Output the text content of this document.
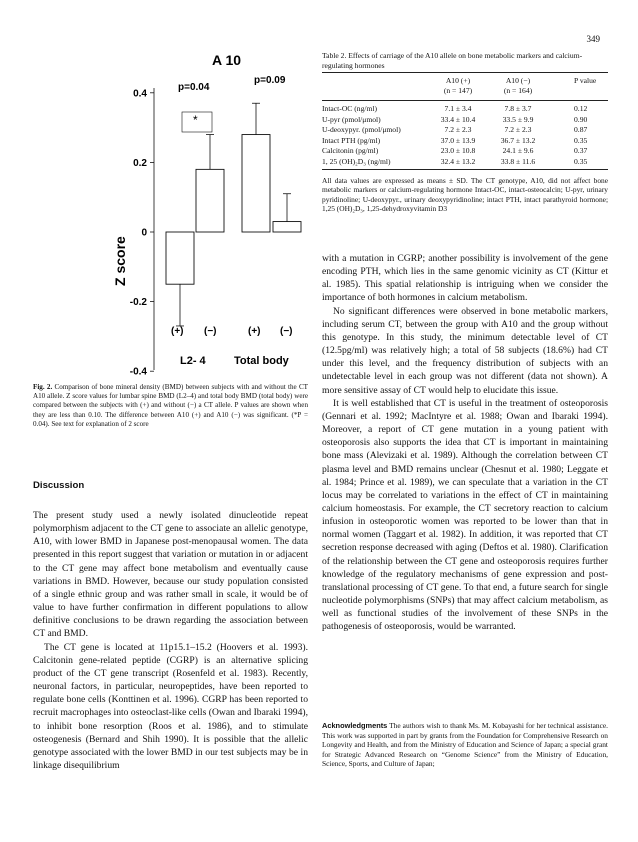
349
A 10
Z score
0.4
0.2
0
-0.2
-0.4
p=0.04
p=0.09
*
(+) (−)	(+) (−)
L2- 4	Total body
Fig. 2. Comparison of bone mineral density (BMD) between subjects with and without the CT A10 allele. Z score values for lumbar spine BMD (L2–4) and total body BMD (total body) were compared between the subjects with (+) and without (−) a CT allele. P values are shown when they are less than 0.10. The difference between A10 (+) and A10 (−) was significant. (*P = 0.04). See text for explanation of 2 score
Table 2. Effects of carriage of the A10 allele on bone metabolic markers and calcium-regulating hormones
A10 (+)
(n = 147)
A10 (−)
(n = 164)
P value
Intact-OC (ng/ml)	7.1 ± 3.4	7.8 ± 3.7	0.12
U-pyr (pmol/μmol)	33.4 ± 10.4	33.5 ± 9.9	0.90
U-deoxypyr. (pmol/μmol)	7.2 ± 2.3	7.2 ± 2.3	0.87
Intact PTH (pg/ml)	37.0 ± 13.9	36.7 ± 13.2	0.35
Calcitonin (pg/ml)	23.0 ± 10.8	24.1 ± 9.6	0.37
1, 25 (OH)₂D₃ (ng/ml)	32.4 ± 13.2	33.8 ± 11.6	0.35
All data values are expressed as means ± SD. The CT genotype, A10, did not affect bone metabolic markers or calcium-regulating hormone Intact-OC, intact-osteocalcin; U-pyr, urinary pyridinoline; U-deoxypyr., urinary deoxypyridinoline; intact PTH, intact parathyroid hormone; 1,25 (OH)₂D₃, 1,25-dehydroxyvitamin D3

with a mutation in CGRP; another possibility is involvement of the gene encoding PTH, which lies in the same genomic vicinity as CT (Kittur et al. 1985). This spatial relationship is intriguing when we consider the importance of both hormones in calcium metabolism.

No significant differences were observed in bone metabolic markers, including serum CT, between the group with A10 and the group without this genotype. In this study, the minimum detectable level of CT (12.5pg/ml) was relatively high; a total of 58 subjects (18.6%) had CT under this level, and the frequency distribution of subjects with an undetectable level in each group was not different (data not shown). A more sensitive assay of CT would help to elucidate this issue.

It is well established that CT is useful in the treatment of osteoporosis (Gennari et al. 1992; MacIntyre et al. 1988; Owan and Ibaraki 1994). Moreover, a report of CT gene mutation in a young patient with osteoporosis also supports the idea that CT is important in maintaining bone mass (Alevizaki et al. 1989). Although the correlation between CT plasma level and BMD remains unclear (Chesnut et al. 1980; Leggate et al. 1984; Prince et al. 1989), we can speculate that a variation in the CT locus may be correlated to variations in the effect of CT in maintaining calcium homeostasis. For example, the CT secretory reaction to calcium infusion in osteoporotic women was reported to be lower than that in normal women (Taggart et al. 1982). In addition, it was reported that CT secretion response decreased with aging (Deftos et al. 1980). Clarification of the relationship between the CT gene and osteoporosis requires further knowledge of the regulatory mechanisms of gene expression and post-translational processing of CT gene. To that end, a future search for single nucleotide polymorphisms (SNPs) that may affect calcium metabolism, as well as functional studies of the involvement of these SNPs in the pathogenesis of osteoporosis, would be warranted.

Discussion

The present study used a newly isolated dinucleotide repeat polymorphism adjacent to the CT gene to associate an allelic genotype, A10, with lower BMD in Japanese post-menopausal women. The data presented in this report suggest that variation or mutation in or adjacent to the CT gene may affect bone metabolism and eventually cause variations in BMD. However, because our study population consisted of a single ethnic group and was rather small in scale, it would be of value to have further confirmation in different populations to allow definitive conclusions to be drawn regarding the association between CT and BMD.

The CT gene is located at 11p15.1–15.2 (Hoovers et al. 1993). Calcitonin gene-related peptide (CGRP) is an alternative splicing product of the CT gene transcript (Rosenfeld et al. 1983). Recently, neuronal factors, in particular, neuropeptides, have been reported to regulate bone cells (Konttinen et al. 1996). CGRP has been reported to recruit macrophages into osteoclast-like cells (Owan and Ibaraki 1994), to inhibit bone resorption (Roos et al. 1986), and to stimulate osteogenesis (Bernard and Shih 1990). It is possible that the allelic genotype associated with the lower BMD in our test subjects may be in linkage disequilibrium

Acknowledgments The authors wish to thank Ms. M. Kobayashi for her technical assistance. This work was supported in part by grants from the Foundation for Comprehensive Research on Longevity and Health, and from the Ministry of Education and Science of Japan; a special grant for Strategic Advanced Research on “Genome Science” from the Ministry of Education, Science, Sports, and Culture of Japan;
